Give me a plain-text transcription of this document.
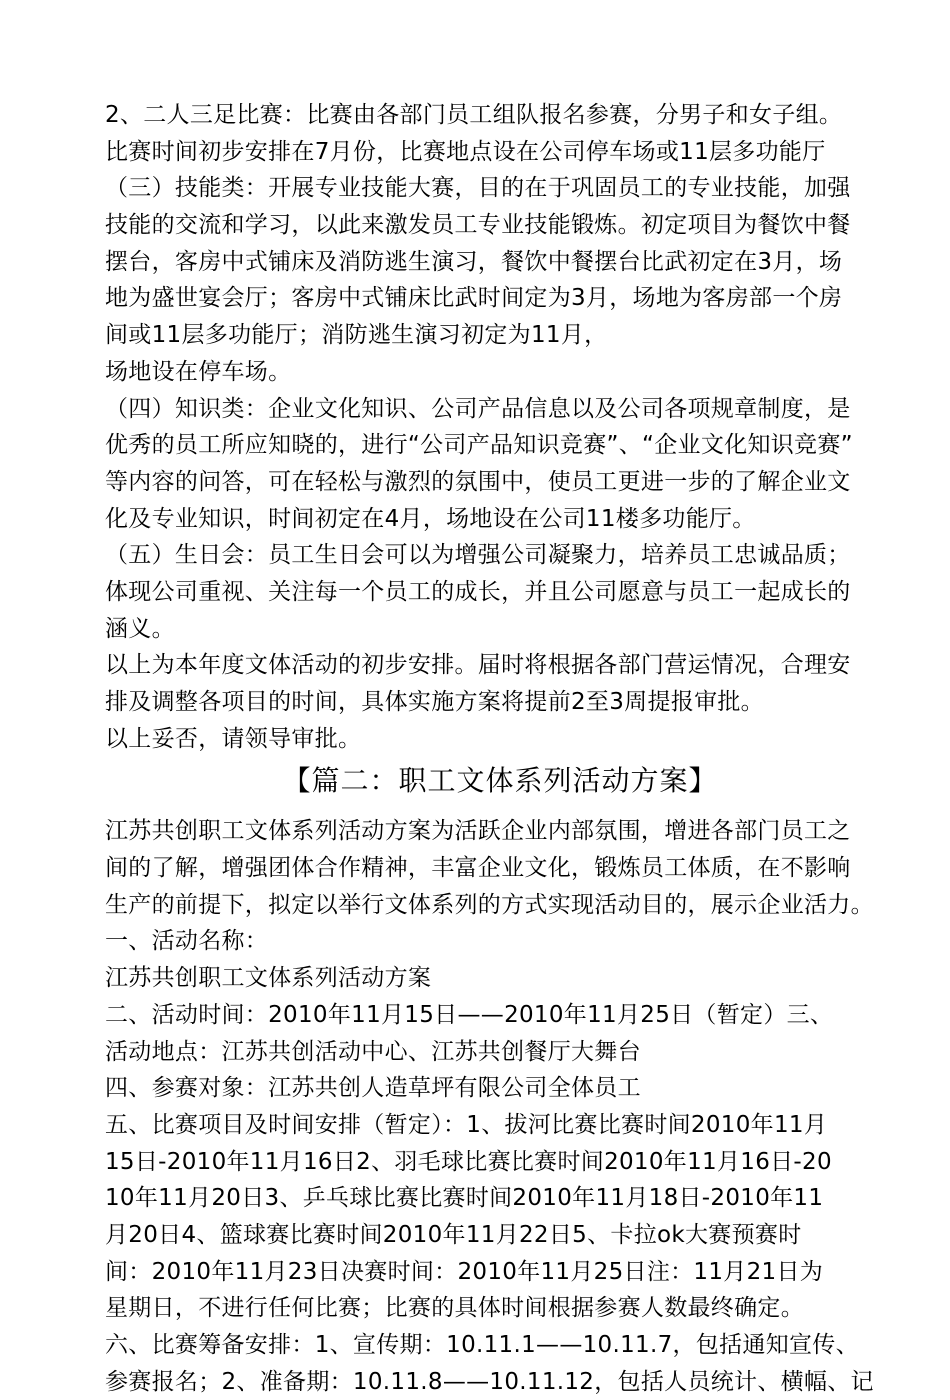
2、二人三足比赛：比赛由各部门员工组队报名参赛，分男子和女子组。
比赛时间初步安排在7月份，比赛地点设在公司停车场或11层多功能厅
（三）技能类：开展专业技能大赛，目的在于巩固员工的专业技能，加强
技能的交流和学习，以此来激发员工专业技能锻炼。初定项目为餐饮中餐
摆台，客房中式铺床及消防逃生演习，餐饮中餐摆台比武初定在3月，场
地为盛世宴会厅；客房中式铺床比武时间定为3月，场地为客房部一个房
间或11层多功能厅；消防逃生演习初定为11月，
场地设在停车场。
（四）知识类：企业文化知识、公司产品信息以及公司各项规章制度，是
优秀的员工所应知晓的，进行“公司产品知识竞赛”、“企业文化知识竞赛”
等内容的问答，可在轻松与激烈的氛围中，使员工更进一步的了解企业文
化及专业知识，时间初定在4月，场地设在公司11楼多功能厅。
（五）生日会：员工生日会可以为增强公司凝聚力，培养员工忠诚品质；
体现公司重视、关注每一个员工的成长，并且公司愿意与员工一起成长的
涵义。
以上为本年度文体活动的初步安排。届时将根据各部门营运情况，合理安
排及调整各项目的时间，具体实施方案将提前2至3周提报审批。
以上妥否，请领导审批。
【篇二：职工文体系列活动方案】
江苏共创职工文体系列活动方案为活跃企业内部氛围，增进各部门员工之
间的了解，增强团体合作精神，丰富企业文化，锻炼员工体质，在不影响
生产的前提下，拟定以举行文体系列的方式实现活动目的，展示企业活力。
一、活动名称：
江苏共创职工文体系列活动方案
二、活动时间：2010年11月15日——2010年11月25日（暂定）三、
活动地点：江苏共创活动中心、江苏共创餐厅大舞台
四、参赛对象：江苏共创人造草坪有限公司全体员工
五、比赛项目及时间安排（暂定）：1、拔河比赛比赛时间2010年11月
15日-2010年11月16日2、羽毛球比赛比赛时间2010年11月16日-20
10年11月20日3、乒乓球比赛比赛时间2010年11月18日-2010年11
月20日4、篮球赛比赛时间2010年11月22日5、卡拉ok大赛预赛时
间：2010年11月23日决赛时间：2010年11月25日注：11月21日为
星期日，不进行任何比赛；比赛的具体时间根据参赛人数最终确定。
六、比赛筹备安排：1、宣传期：10.11.1——10.11.7，包括通知宣传、
参赛报名；2、准备期：10.11.8——10.11.12，包括人员统计、横幅、记
